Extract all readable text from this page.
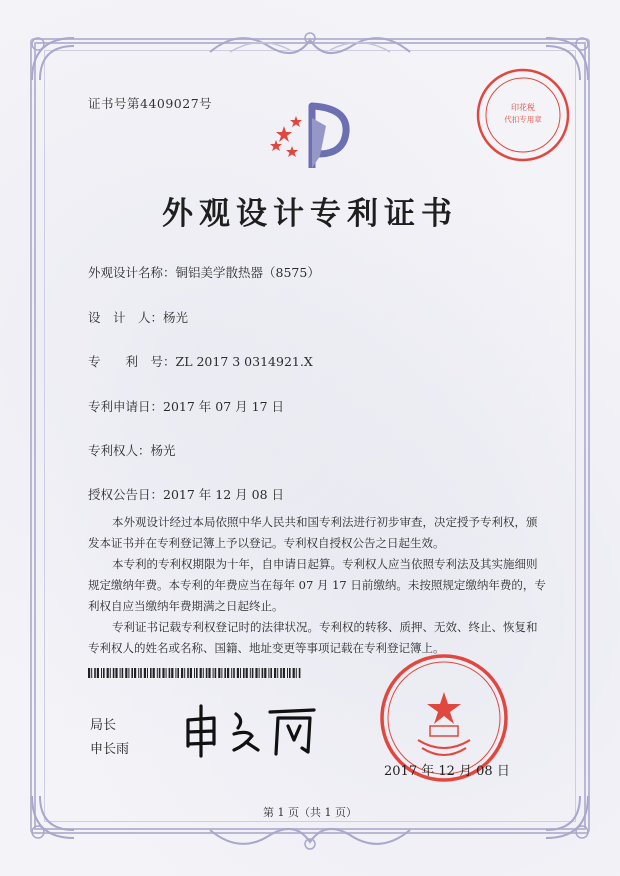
证书号第4409027号
外观设计专利证书
外观设计名称：铜铝美学散热器（8575）
设　计　人：杨光
专　　利　号：ZL 2017 3 0314921.X
专利申请日：2017 年 07 月 17 日
专利权人：杨光
授权公告日：2017 年 12 月 08 日

本外观设计经过本局依照中华人民共和国专利法进行初步审查，决定授予专利权，颁发本证书并在专利登记簿上予以登记。专利权自授权公告之日起生效。

本专利的专利权期限为十年，自申请日起算。专利权人应当依照专利法及其实施细则规定缴纳年费。本专利的年费应当在每年 07 月 17 日前缴纳。未按照规定缴纳年费的，专利权自应当缴纳年费期满之日起终止。

专利证书记载专利权登记时的法律状况。专利权的转移、质押、无效、终止、恢复和专利权人的姓名或名称、国籍、地址变更等事项记载在专利登记簿上。

局长
申长雨
印花税
代扣专用章
2017 年 12 月 08 日
第 1 页（共 1 页）
